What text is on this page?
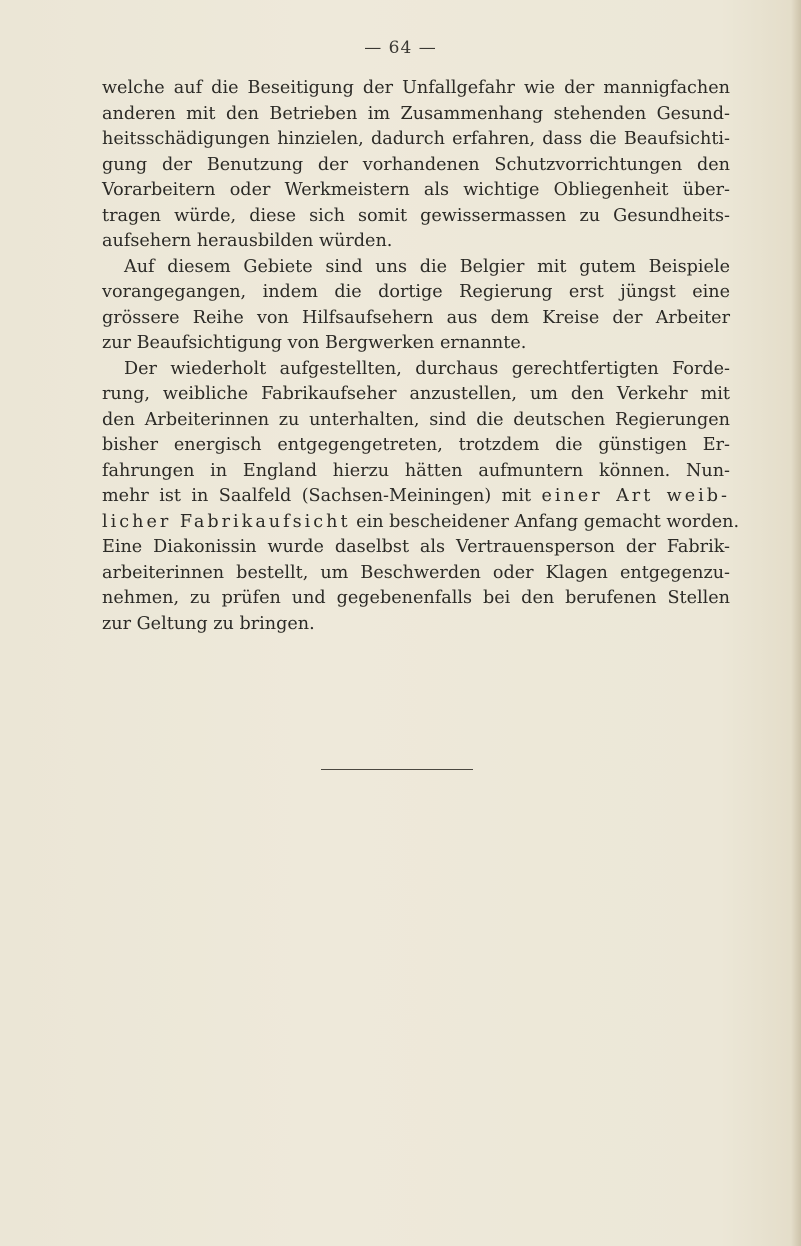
— 64 —
welche auf die Beseitigung der Unfallgefahr wie der mannigfachen
anderen mit den Betrieben im Zusammenhang stehenden Gesund-
heitsschädigungen hinzielen, dadurch erfahren, dass die Beaufsichti-
gung der Benutzung der vorhandenen Schutzvorrichtungen den
Vorarbeitern oder Werkmeistern als wichtige Obliegenheit über-
tragen würde, diese sich somit gewissermassen zu Gesundheits-
aufsehern herausbilden würden.
Auf diesem Gebiete sind uns die Belgier mit gutem Beispiele
vorangegangen, indem die dortige Regierung erst jüngst eine
grössere Reihe von Hilfsaufsehern aus dem Kreise der Arbeiter
zur Beaufsichtigung von Bergwerken ernannte.
Der wiederholt aufgestellten, durchaus gerechtfertigten Forde-
rung, weibliche Fabrikaufseher anzustellen, um den Verkehr mit
den Arbeiterinnen zu unterhalten, sind die deutschen Regierungen
bisher energisch entgegengetreten, trotzdem die günstigen Er-
fahrungen in England hierzu hätten aufmuntern können. Nun-
mehr ist in Saalfeld (Sachsen-Meiningen) mit einer Art weib-
licher Fabrikaufsicht ein bescheidener Anfang gemacht worden.
Eine Diakonissin wurde daselbst als Vertrauensperson der Fabrik-
arbeiterinnen bestellt, um Beschwerden oder Klagen entgegenzu-
nehmen, zu prüfen und gegebenenfalls bei den berufenen Stellen
zur Geltung zu bringen.
